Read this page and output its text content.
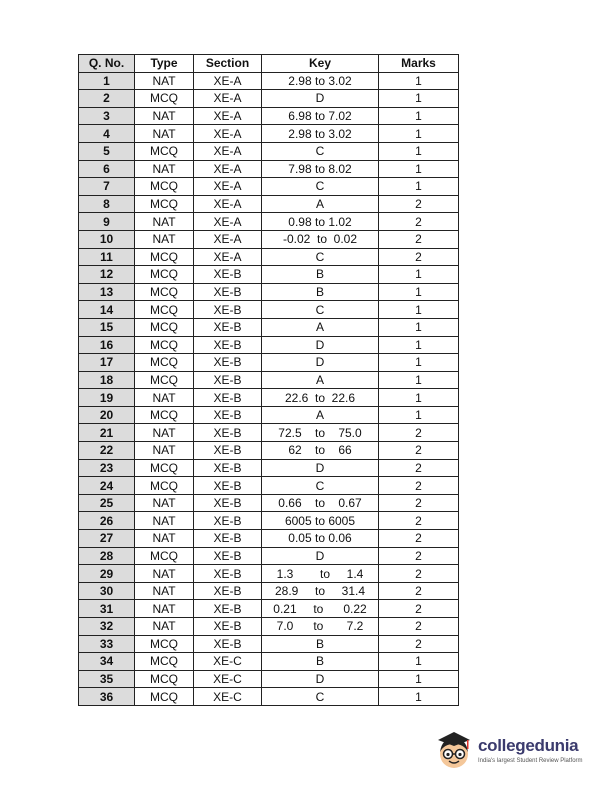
Q. No.	Type	Section	Key	Marks
1	NAT	XE-A	2.98 to 3.02	1
2	MCQ	XE-A	D	1
3	NAT	XE-A	6.98 to 7.02	1
4	NAT	XE-A	2.98 to 3.02	1
5	MCQ	XE-A	C	1
6	NAT	XE-A	7.98 to 8.02	1
7	MCQ	XE-A	C	1
8	MCQ	XE-A	A	2
9	NAT	XE-A	0.98 to 1.02	2
10	NAT	XE-A	-0.02  to  0.02	2
11	MCQ	XE-A	C	2
12	MCQ	XE-B	B	1
13	MCQ	XE-B	B	1
14	MCQ	XE-B	C	1
15	MCQ	XE-B	A	1
16	MCQ	XE-B	D	1
17	MCQ	XE-B	D	1
18	MCQ	XE-B	A	1
19	NAT	XE-B	22.6  to  22.6	1
20	MCQ	XE-B	A	1
21	NAT	XE-B	72.5    to    75.0	2
22	NAT	XE-B	62    to    66	2
23	MCQ	XE-B	D	2
24	MCQ	XE-B	C	2
25	NAT	XE-B	0.66    to    0.67	2
26	NAT	XE-B	6005 to 6005	2
27	NAT	XE-B	0.05 to 0.06	2
28	MCQ	XE-B	D	2
29	NAT	XE-B	1.3        to     1.4	2
30	NAT	XE-B	28.9     to     31.4	2
31	NAT	XE-B	0.21     to      0.22	2
32	NAT	XE-B	7.0      to       7.2	2
33	MCQ	XE-B	B	2
34	MCQ	XE-C	B	1
35	MCQ	XE-C	D	1
36	MCQ	XE-C	C	1
collegedunia
India's largest Student Review Platform
